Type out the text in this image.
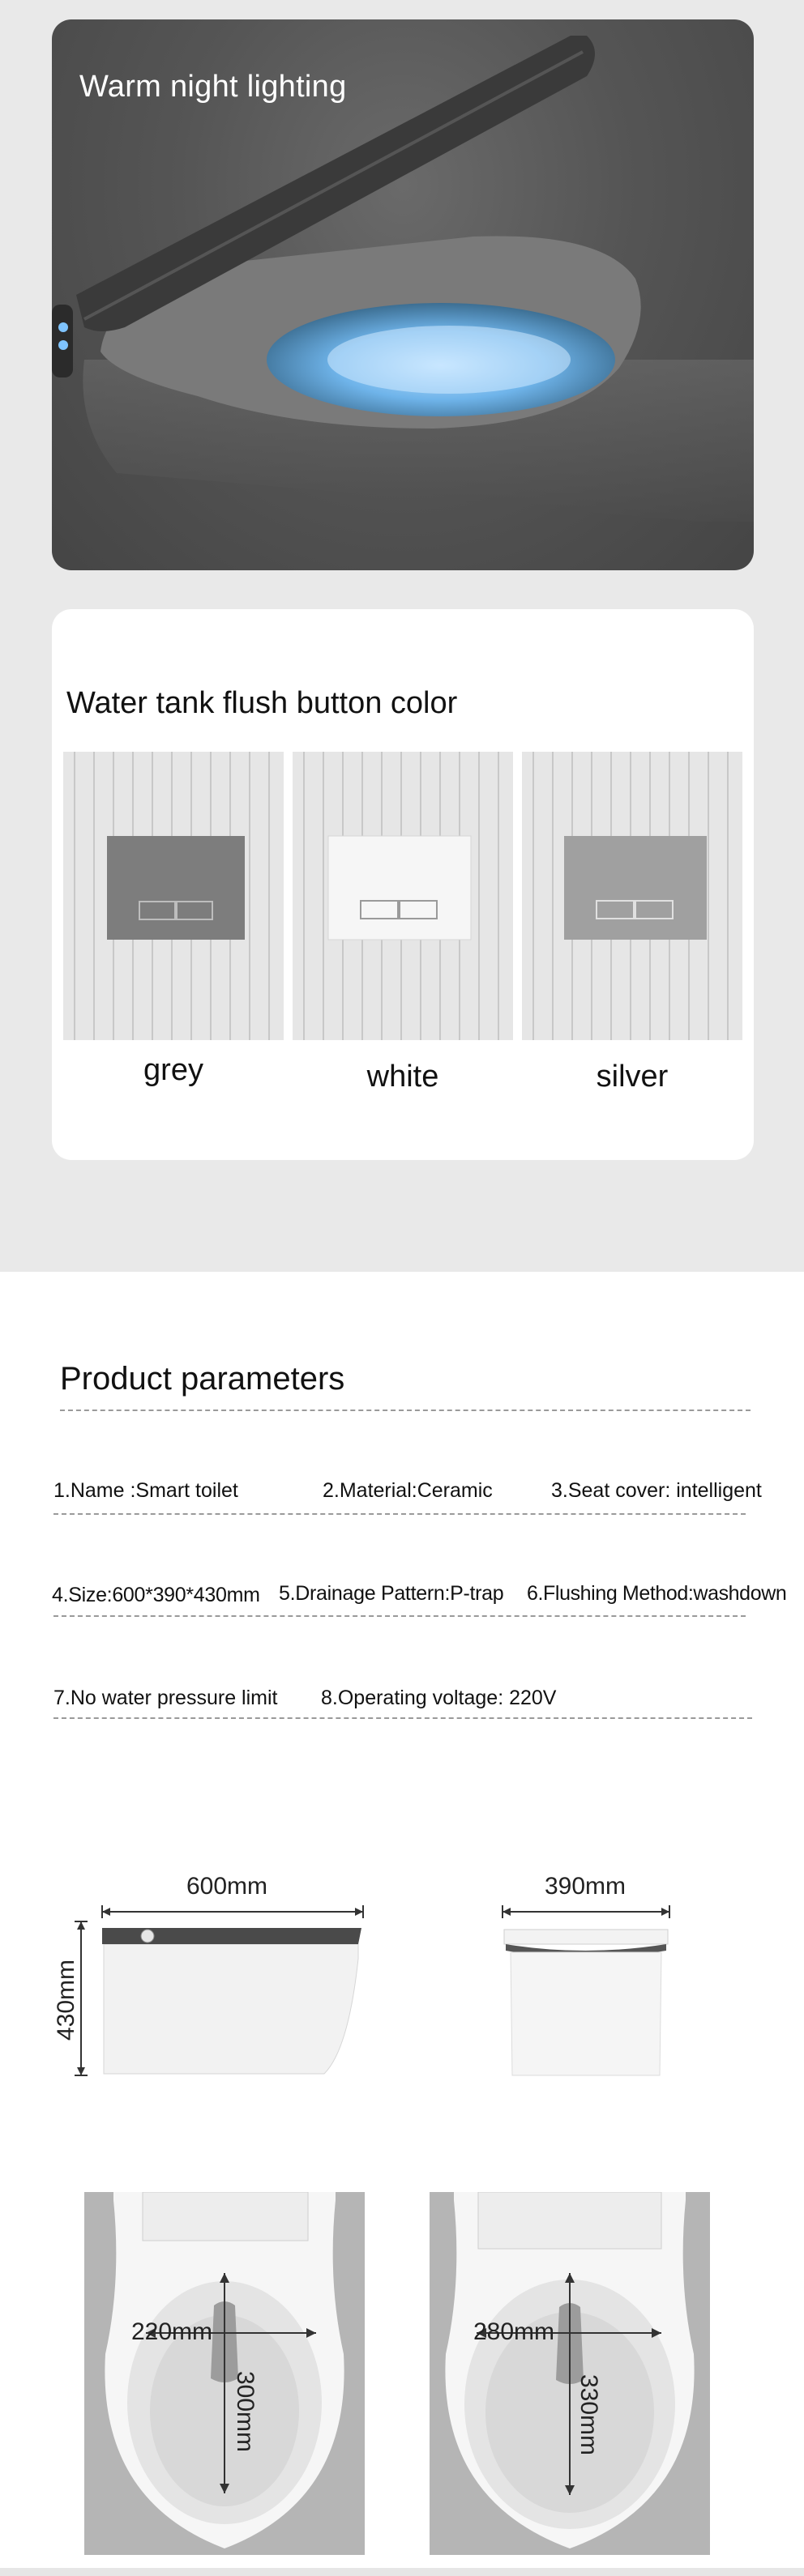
Warm night lighting
Water tank flush button color
grey	white	silver
Product parameters
1.Name :Smart toilet	2.Material:Ceramic	3.Seat cover: intelligent
4.Size:600*390*430mm 5.Drainage Pattern:P-trap 6.Flushing Method:washdown
7.No water pressure limit 8.Operating voltage: 220V
600mm
430mm
390mm
220mm
300mm
280mm
330mm
